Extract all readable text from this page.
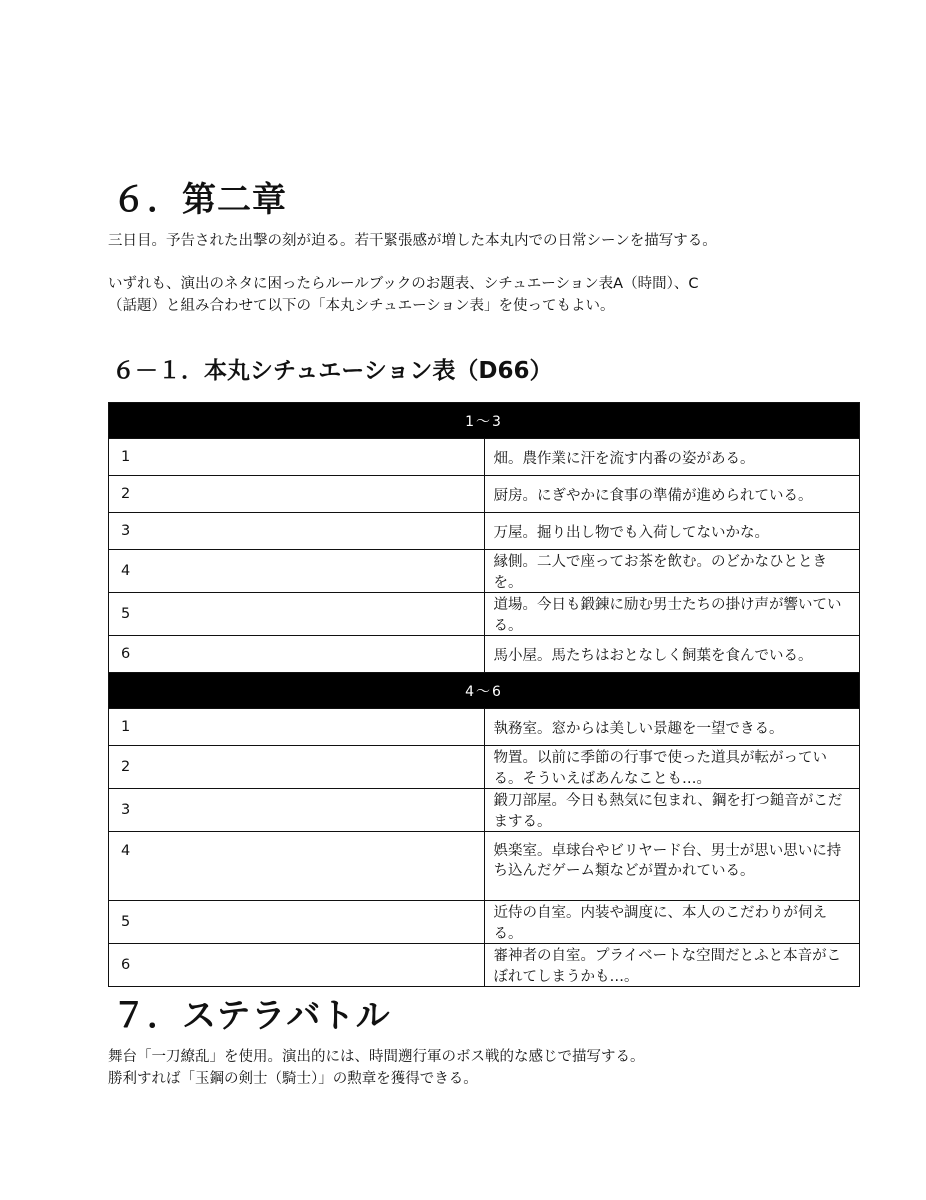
６．第二章

三日目。予告された出撃の刻が迫る。若干緊張感が増した本丸内での日常シーンを描写する。

いずれも、演出のネタに困ったらルールブックのお題表、シチュエーション表A（時間）、C
（話題）と組み合わせて以下の「本丸シチュエーション表」を使ってもよい。

６－１．本丸シチュエーション表（D66）
1～3	
1	畑。農作業に汗を流す内番の姿がある。
2	厨房。にぎやかに食事の準備が進められている。
3	万屋。掘り出し物でも入荷してないかな。
4	縁側。二人で座ってお茶を飲む。のどかなひとときを。
5	道場。今日も鍛錬に励む男士たちの掛け声が響いている。
6	馬小屋。馬たちはおとなしく飼葉を食んでいる。
4～6	
1	執務室。窓からは美しい景趣を一望できる。
2	物置。以前に季節の行事で使った道具が転がっている。そういえばあんなことも…。
3	鍛刀部屋。今日も熱気に包まれ、鋼を打つ鎚音がこだまする。
4	娯楽室。卓球台やビリヤード台、男士が思い思いに持ち込んだゲーム類などが置かれている。
5	近侍の自室。内装や調度に、本人のこだわりが伺える。
6	審神者の自室。プライベートな空間だとふと本音がこぼれてしまうかも…。
７．ステラバトル

舞台「一刀繚乱」を使用。演出的には、時間遡行軍のボス戦的な感じで描写する。
勝利すれば「玉鋼の剣士（騎士）」の勲章を獲得できる。
